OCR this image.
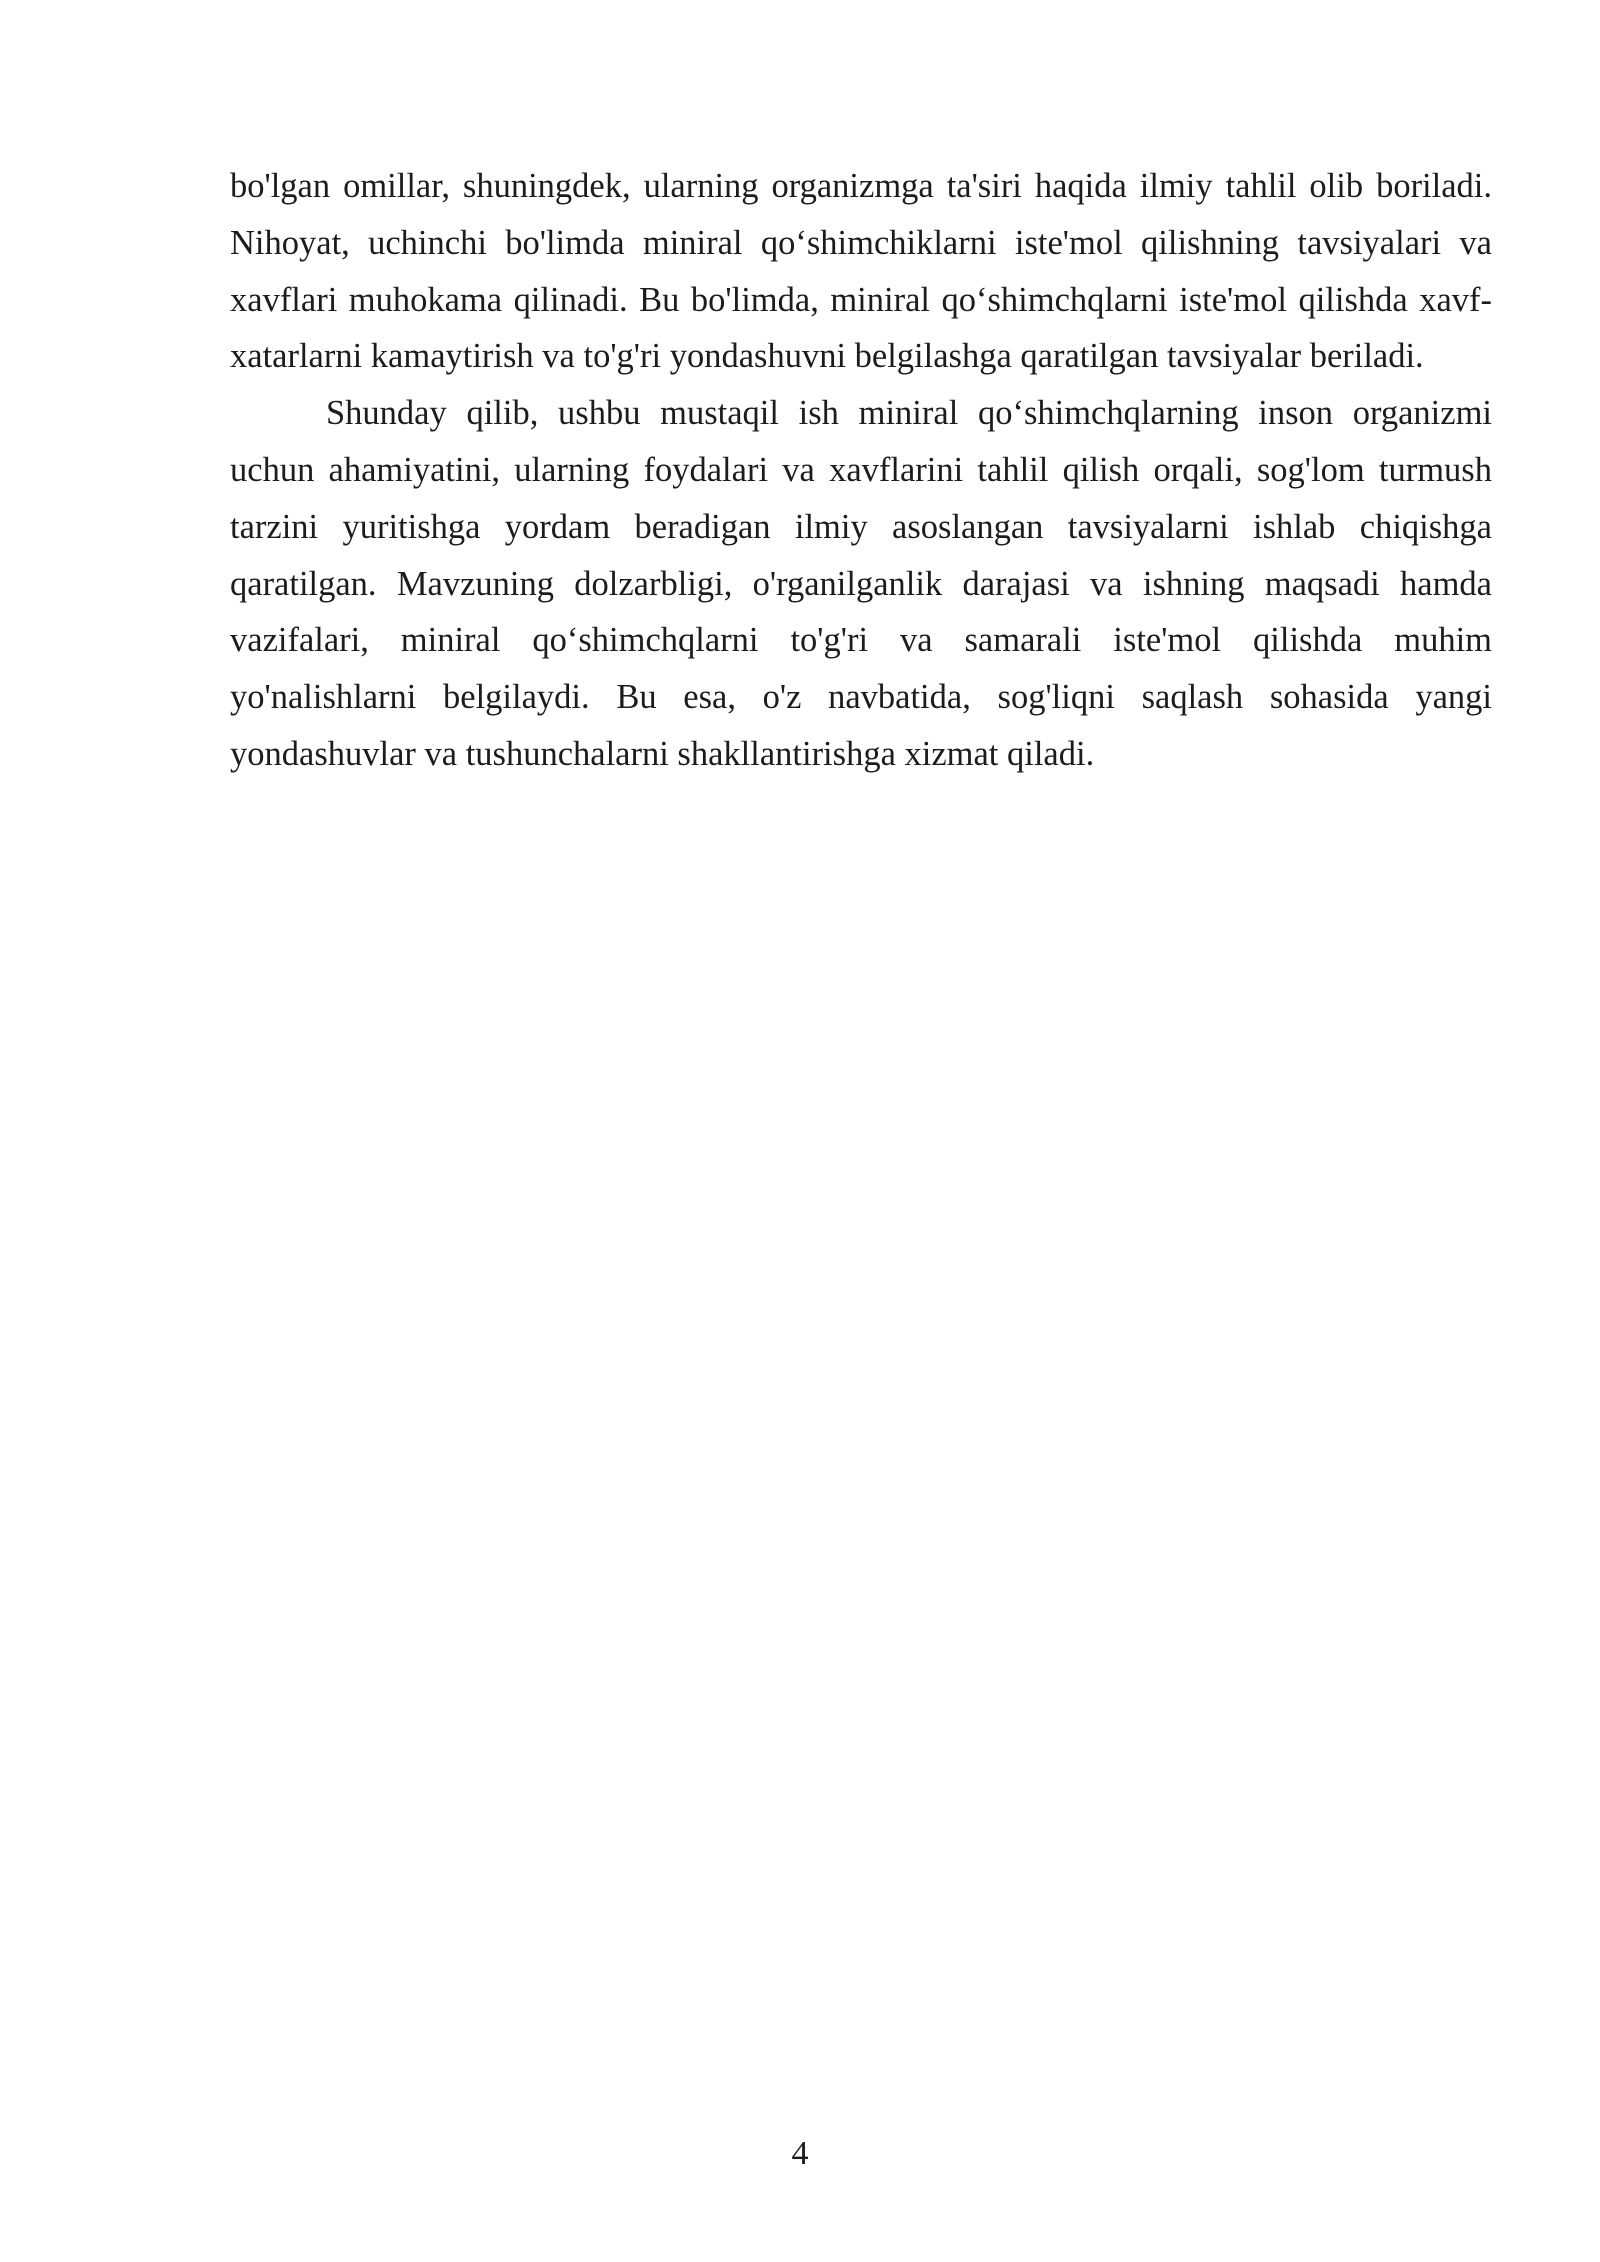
bo'lgan omillar, shuningdek, ularning organizmga ta'siri haqida ilmiy tahlil olib boriladi. Nihoyat, uchinchi bo'limda miniral qo‘shimchiklarni iste'mol qilishning tavsiyalari va xavflari muhokama qilinadi. Bu bo'limda, miniral qo‘shimchqlarni iste'mol qilishda xavf-xatarlarni kamaytirish va to'g'ri yondashuvni belgilashga qaratilgan tavsiyalar beriladi.

Shunday qilib, ushbu mustaqil ish miniral qo‘shimchqlarning inson organizmi uchun ahamiyatini, ularning foydalari va xavflarini tahlil qilish orqali, sog'lom turmush tarzini yuritishga yordam beradigan ilmiy asoslangan tavsiyalarni ishlab chiqishga qaratilgan. Mavzuning dolzarbligi, o'rganilganlik darajasi va ishning maqsadi hamda vazifalari, miniral qo‘shimchqlarni to'g'ri va samarali iste'mol qilishda muhim yo'nalishlarni belgilaydi. Bu esa, o'z navbatida, sog'liqni saqlash sohasida yangi yondashuvlar va tushunchalarni shakllantirishga xizmat qiladi.

4
